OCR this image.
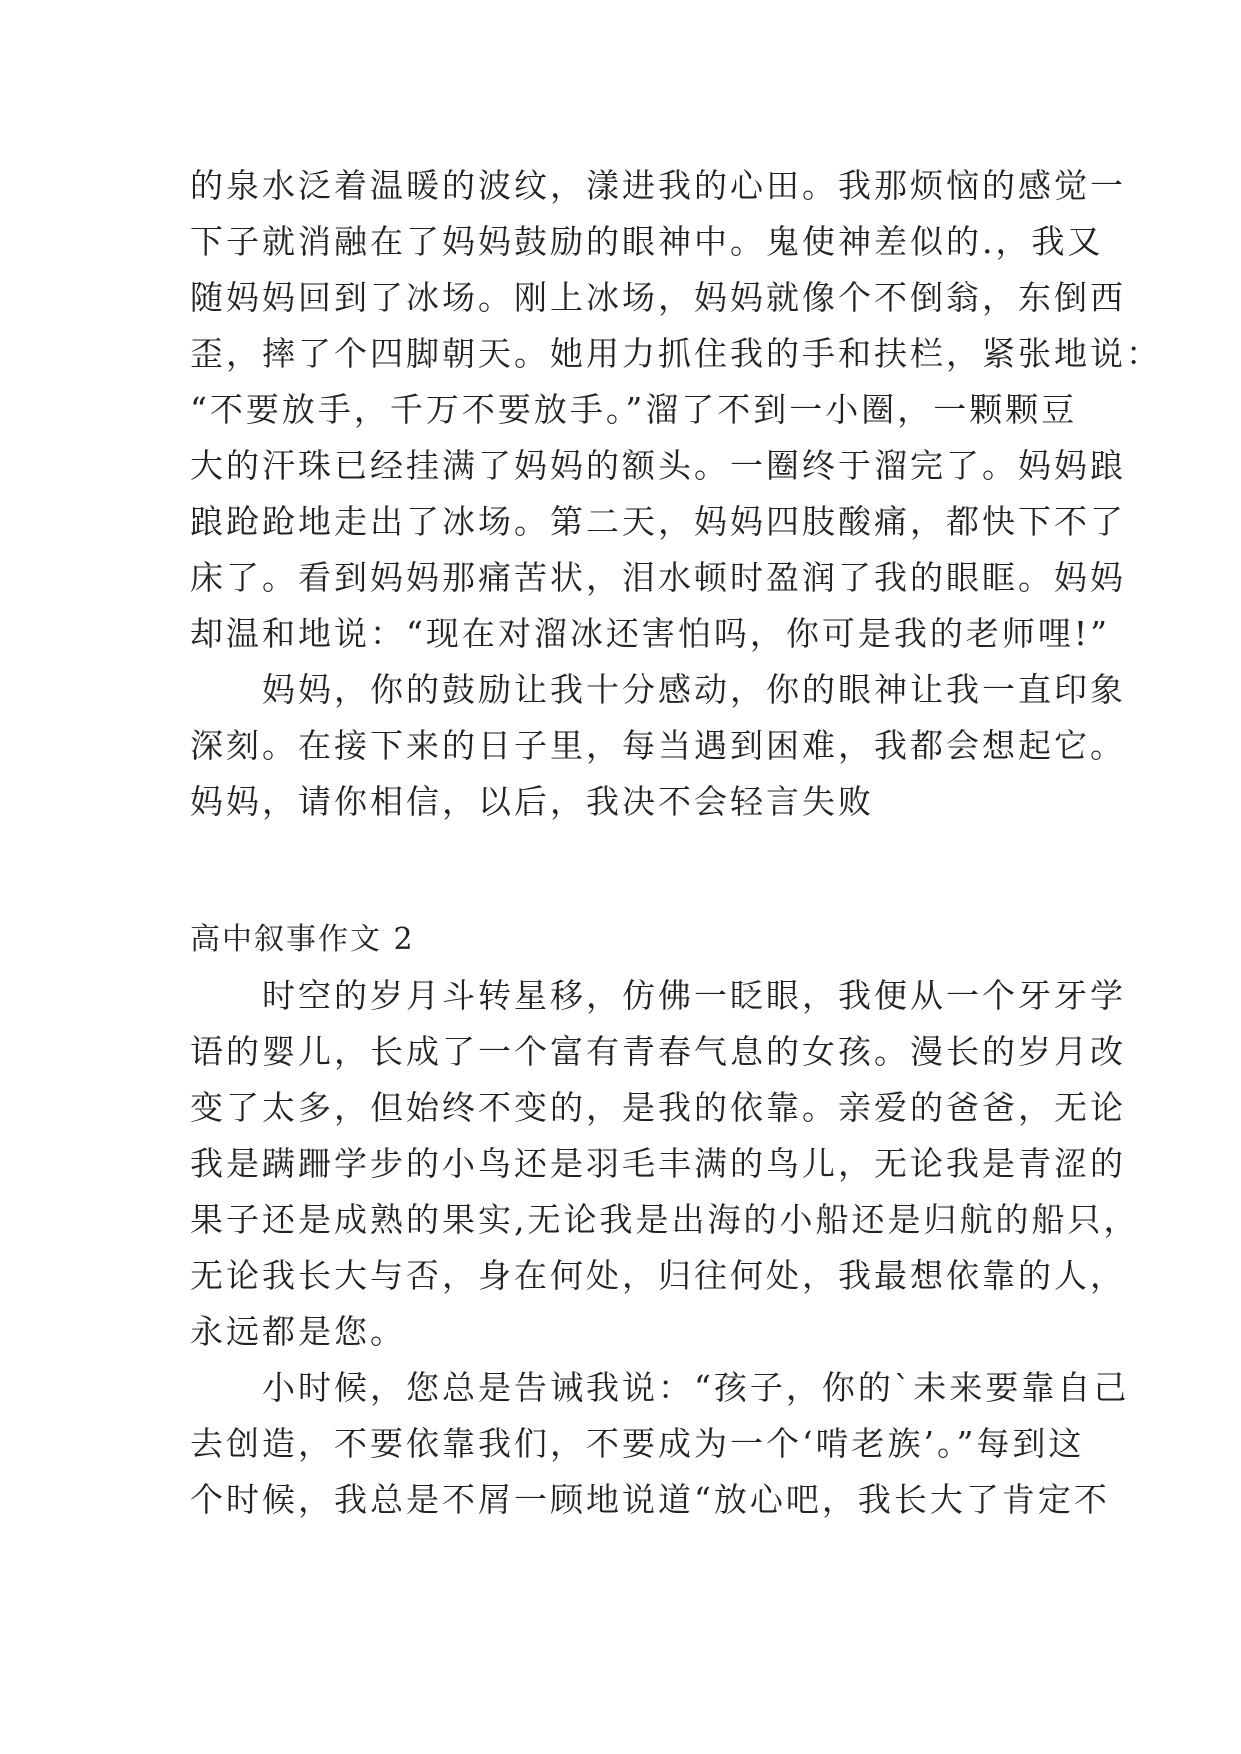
的泉水泛着温暖的波纹，漾进我的心田。我那烦恼的感觉一
下子就消融在了妈妈鼓励的眼神中。鬼使神差似的.，我又
随妈妈回到了冰场。刚上冰场，妈妈就像个不倒翁，东倒西
歪，摔了个四脚朝天。她用力抓住我的手和扶栏，紧张地说：
“不要放手，千万不要放手。”溜了不到一小圈，一颗颗豆
大的汗珠已经挂满了妈妈的额头。一圈终于溜完了。妈妈踉
踉跄跄地走出了冰场。第二天，妈妈四肢酸痛，都快下不了
床了。看到妈妈那痛苦状，泪水顿时盈润了我的眼眶。妈妈
却温和地说：“现在对溜冰还害怕吗，你可是我的老师哩!”
　　妈妈，你的鼓励让我十分感动，你的眼神让我一直印象
深刻。在接下来的日子里，每当遇到困难，我都会想起它。
妈妈，请你相信，以后，我决不会轻言失败
高中叙事作文 2
　　时空的岁月斗转星移，仿佛一眨眼，我便从一个牙牙学
语的婴儿，长成了一个富有青春气息的女孩。漫长的岁月改
变了太多，但始终不变的，是我的依靠。亲爱的爸爸，无论
我是蹒跚学步的小鸟还是羽毛丰满的鸟儿，无论我是青涩的
果子还是成熟的果实,无论我是出海的小船还是归航的船只，
无论我长大与否，身在何处，归往何处，我最想依靠的人，
永远都是您。
　　小时候，您总是告诫我说：“孩子，你的`未来要靠自己
去创造，不要依靠我们，不要成为一个‘啃老族’。”每到这
个时候，我总是不屑一顾地说道“放心吧，我长大了肯定不
